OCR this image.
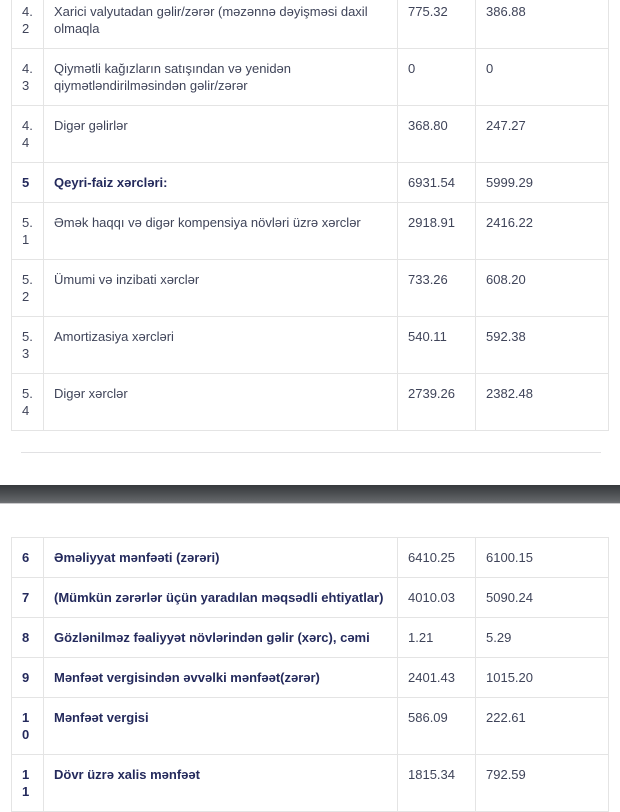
4.2	Xarici valyutadan gəlir/zərər (məzənnə dəyişməsi daxil olmaqla	775.32	386.88
4.3	Qiymətli kağızların satışından və yenidən qiymətləndirilməsindən gəlir/zərər	0	0
4.4	Digər gəlirlər	368.80	247.27
5	Qeyri-faiz xərcləri:	6931.54	5999.29
5.1	Əmək haqqı və digər kompensiya növləri üzrə xərclər	2918.91	2416.22
5.2	Ümumi və inzibati xərclər	733.26	608.20
5.3	Amortizasiya xərcləri	540.11	592.38
5.4	Digər xərclər	2739.26	2382.48
6	Əməliyyat mənfəəti (zərəri)	6410.25	6100.15
7	(Mümkün zərərlər üçün yaradılan məqsədli ehtiyatlar)	4010.03	5090.24
8	Gözlənilməz fəaliyyət növlərindən gəlir (xərc), cəmi	1.21	5.29
9	Mənfəət vergisindən əvvəlki mənfəət(zərər)	2401.43	1015.20
10	Mənfəət vergisi	586.09	222.61
11	Dövr üzrə xalis mənfəət	1815.34	792.59
